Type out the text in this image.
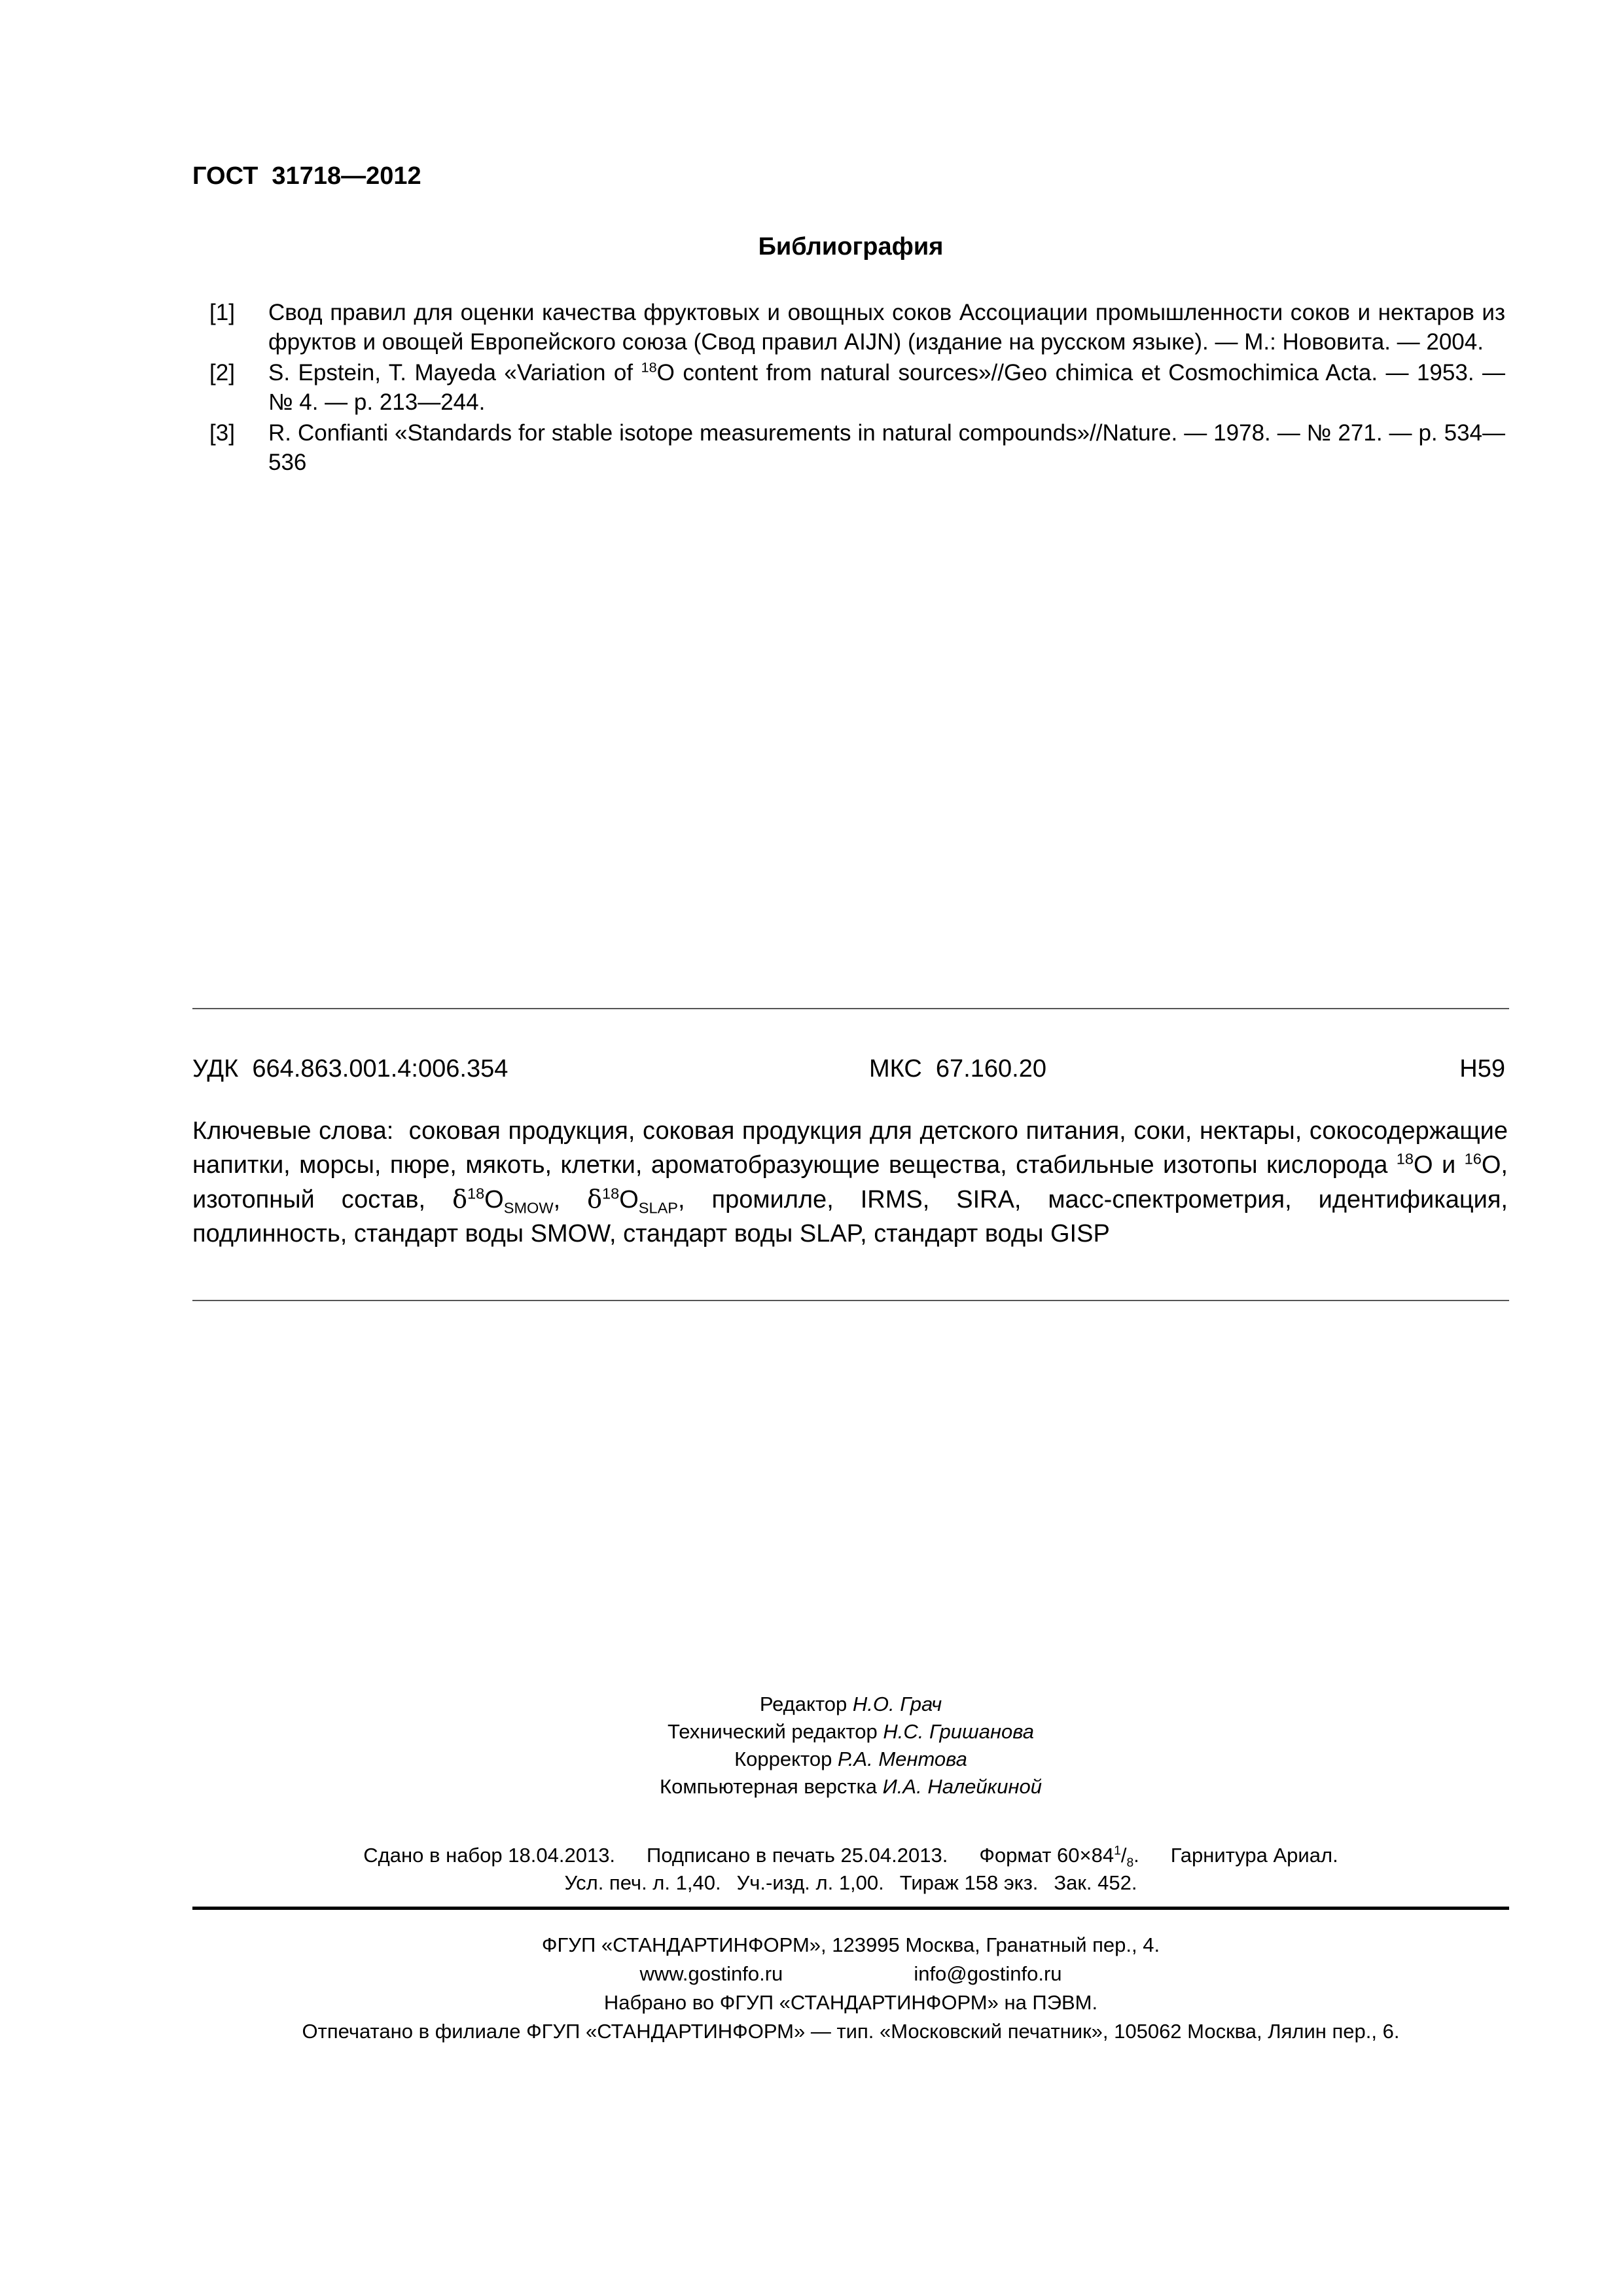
ГОСТ  31718—2012
Библиография
[1]	Свод правил для оценки качества фруктовых и овощных соков Ассоциации промышленности соков и нектаров из фруктов и овощей Европейского союза (Свод правил AIJN) (издание на русском языке). — М.: Нововита. — 2004.
[2]	S. Epstein, T. Mayeda «Variation of $^{18}$O content from natural sources»//Geo chimica et Cosmochimica Acta. — 1953. — № 4. — p. 213—244.
[3]	R. Confianti «Standards for stable isotope measurements in natural compounds»//Nature. — 1978. — № 271. — p. 534—536
УДК  664.863.001.4:006.354	МКС  67.160.20	Н59
Ключевые слова:  соковая продукция, соковая продукция для детского питания, соки, нектары, сокосодержащие напитки, морсы, пюре, мякоть, клетки, ароматобразующие вещества, стабильные изотопы кислорода $^{18}$O и $^{16}$O, изотопный состав, $\delta^{18}O_{SMOW}$, $\delta^{18}O_{SLAP}$, промилле, IRMS, SIRA, масс-спектрометрия, идентификация, подлинность, стандарт воды SMOW, стандарт воды SLAP, стандарт воды GISP
Редактор Н.О. Грач
Технический редактор Н.С. Гришанова
Корректор Р.А. Ментова
Компьютерная верстка И.А. Налейкиной
Сдано в набор 18.04.2013. Подписано в печать 25.04.2013. Формат $60\times 84^1/_8$. Гарнитура Ариал.
Усл. печ. л. 1,40. Уч.-изд. л. 1,00. Тираж 158 экз. Зак. 452.
ФГУП «СТАНДАРТИНФОРМ», 123995 Москва, Гранатный пер., 4.
www.gostinfo.ru	info@gostinfo.ru
Набрано во ФГУП «СТАНДАРТИНФОРМ» на ПЭВМ.
Отпечатано в филиале ФГУП «СТАНДАРТИНФОРМ» — тип. «Московский печатник», 105062 Москва, Лялин пер., 6.
